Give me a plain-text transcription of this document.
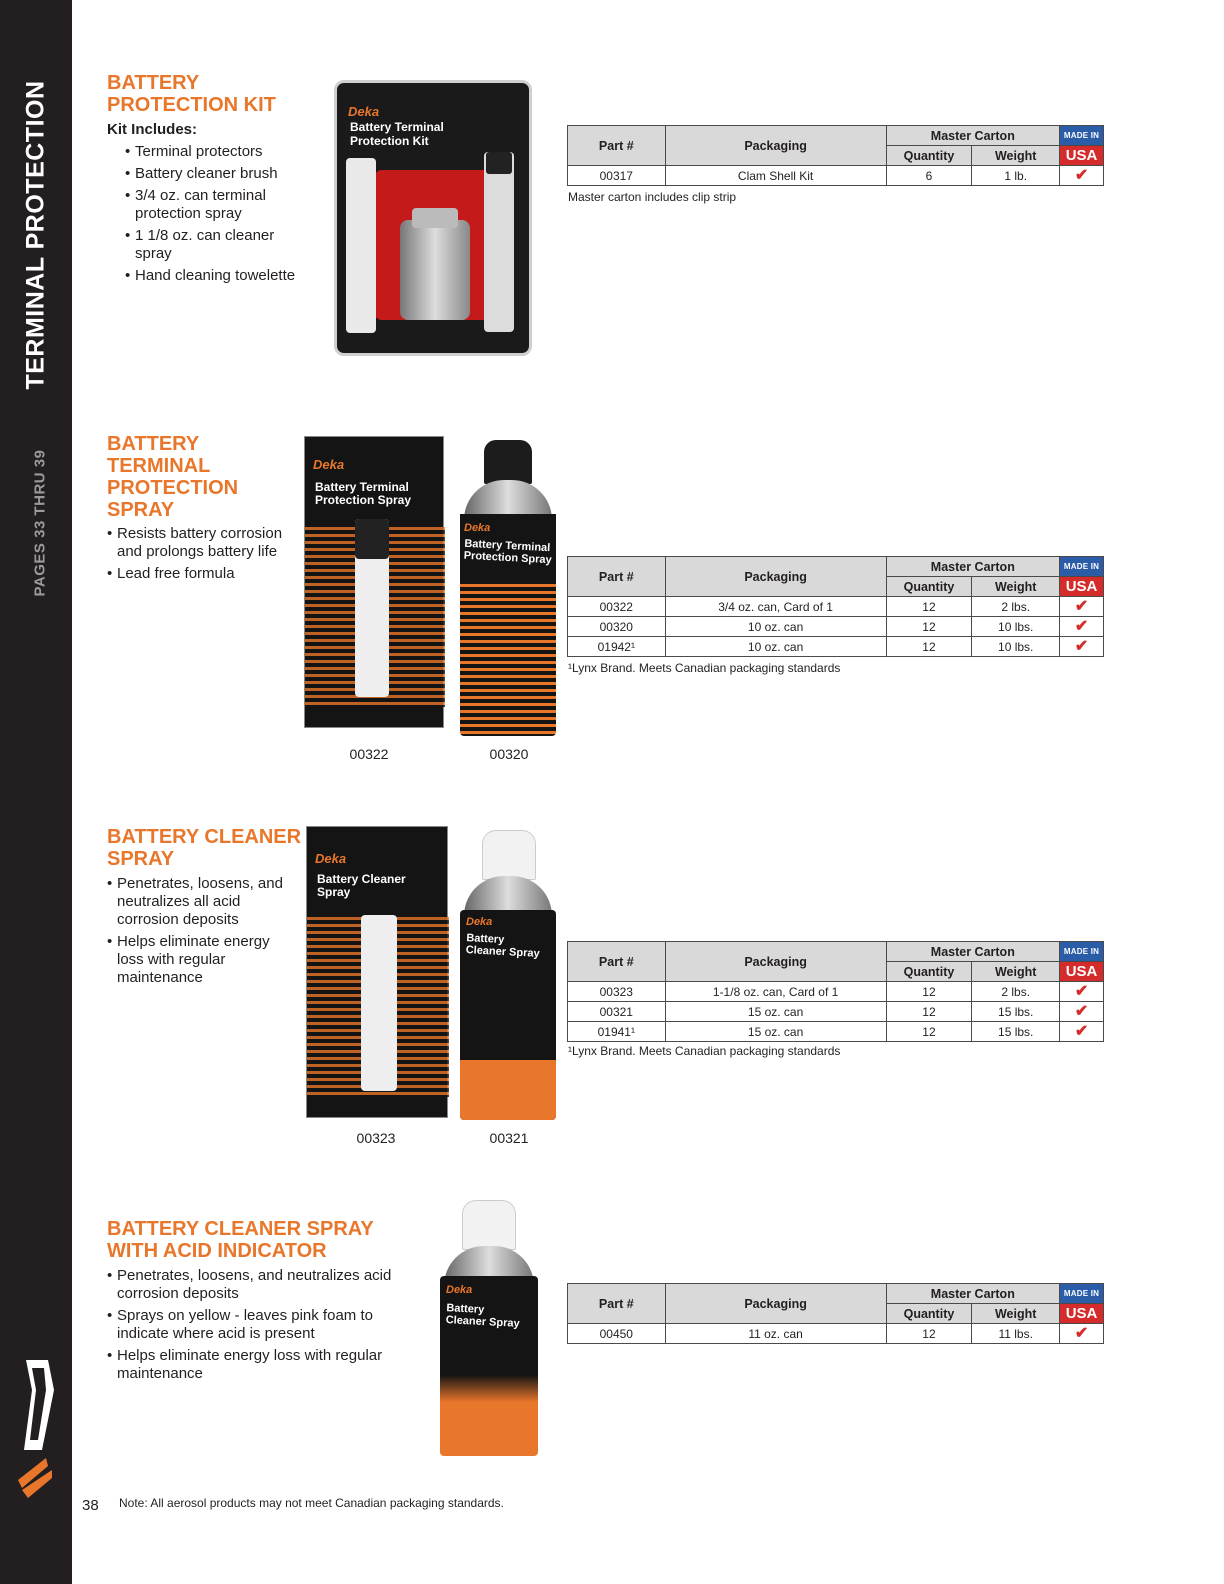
TERMINAL PROTECTION
PAGES 33 THRU 39
BATTERY
PROTECTION KIT
Kit Includes:
• Terminal protectors
• Battery cleaner brush
• 3/4 oz. can terminal protection spray
• 1 1/8 oz. can cleaner spray
• Hand cleaning towelette
Deka
Battery Terminal
Protection Kit	Part #	Packaging	Master Carton		MADE IN
		Quantity	Weight	USA
00317	Clam Shell Kit	6	1 lb.	✔
Master carton includes clip strip
BATTERY
TERMINAL
PROTECTION
SPRAY
• Resists battery corrosion and prolongs battery life
• Lead free formula
Deka
Battery Terminal
Protection Spray
Deka
Battery Terminal
Protection Spray
00322	00320
Part #	Packaging	Master Carton		MADE IN
		Quantity	Weight	USA
00322	3/4 oz. can, Card of 1	12	2 lbs.	✔
00320	10 oz. can	12	10 lbs.	✔
01942¹	10 oz. can	12	10 lbs.	✔
¹Lynx Brand. Meets Canadian packaging standards
BATTERY CLEANER
SPRAY
• Penetrates, loosens, and neutralizes all acid corrosion deposits
• Helps eliminate energy loss with regular maintenance
Deka
Battery Cleaner
Spray
Deka
Battery
Cleaner Spray
00323	00321
Part #	Packaging	Master Carton		MADE IN
		Quantity	Weight	USA
00323	1-1/8 oz. can, Card of 1	12	2 lbs.	✔
00321	15 oz. can	12	15 lbs.	✔
01941¹	15 oz. can	12	15 lbs.	✔
¹Lynx Brand. Meets Canadian packaging standards
BATTERY CLEANER SPRAY
WITH ACID INDICATOR
• Penetrates, loosens, and neutralizes acid corrosion deposits
• Sprays on yellow - leaves pink foam to indicate where acid is present
• Helps eliminate energy loss with regular maintenance
Deka
Battery
Cleaner Spray
Part #	Packaging	Master Carton		MADE IN
		Quantity	Weight	USA
00450	11 oz. can	12	11 lbs.	✔
38 Note: All aerosol products may not meet Canadian packaging standards.
